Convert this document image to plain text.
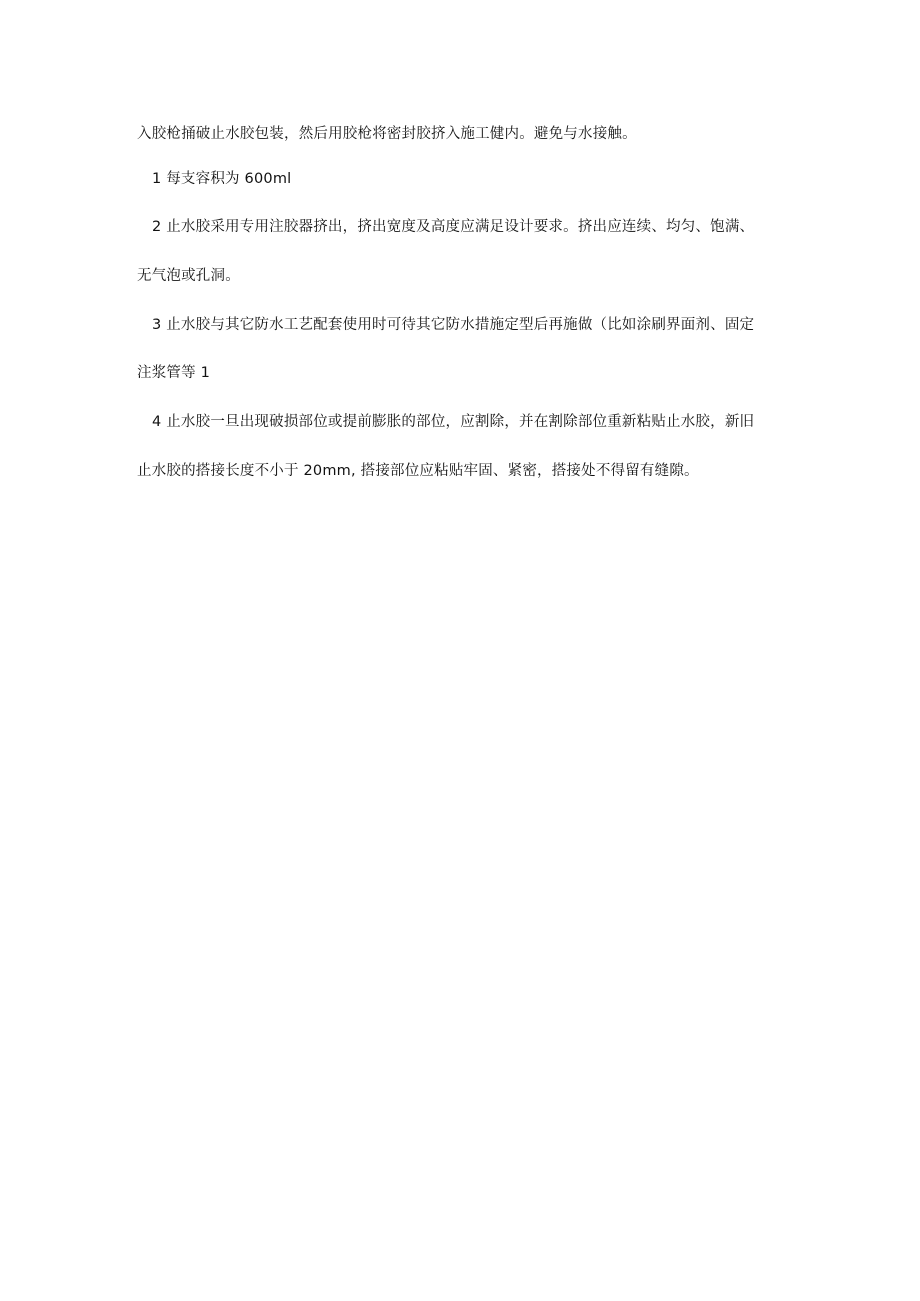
入胶枪捅破止水胶包装，然后用胶枪将密封胶挤入施工健内。避免与水接触。
1 每支容积为 600ml
2 止水胶采用专用注胶器挤出，挤出宽度及高度应满足设计要求。挤出应连续、均匀、饱满、
无气泡或孔洞。
3 止水胶与其它防水工艺配套使用时可待其它防水措施定型后再施做（比如涂刷界面剂、固定
注浆管等 1
4 止水胶一旦出现破损部位或提前膨胀的部位，应割除，并在割除部位重新粘贴止水胶，新旧
止水胶的搭接长度不小于 20mm, 搭接部位应粘贴牢固、紧密，搭接处不得留有缝隙。
